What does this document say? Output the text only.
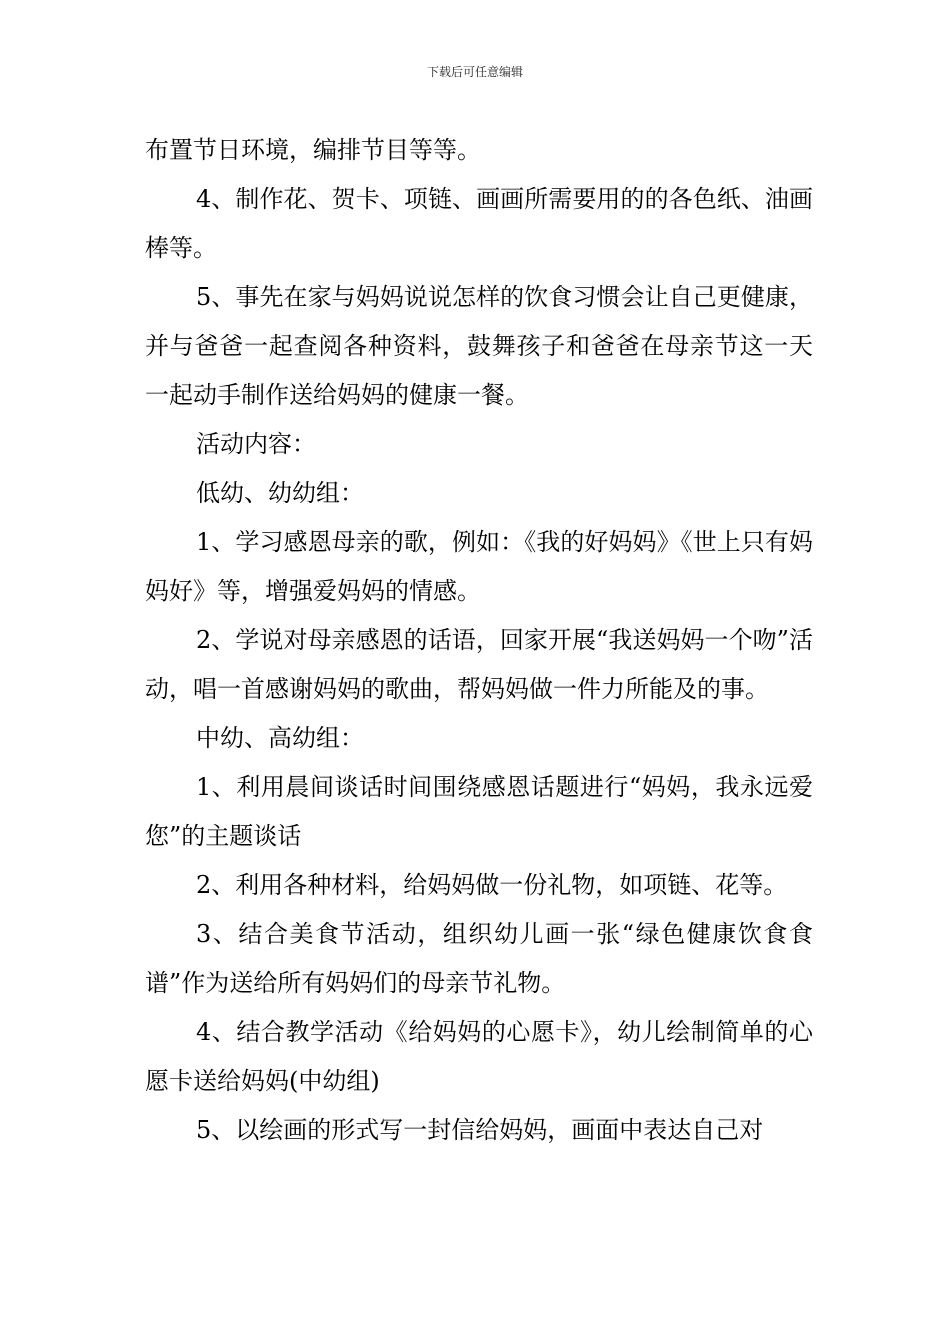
下载后可任意编辑

布置节日环境，编排节目等等。

4、制作花、贺卡、项链、画画所需要用的的各色纸、油画棒等。

5、事先在家与妈妈说说怎样的饮食习惯会让自己更健康，并与爸爸一起查阅各种资料，鼓舞孩子和爸爸在母亲节这一天一起动手制作送给妈妈的健康一餐。

活动内容：

低幼、幼幼组：

1、学习感恩母亲的歌，例如：《我的好妈妈》《世上只有妈妈好》等，增强爱妈妈的情感。

2、学说对母亲感恩的话语，回家开展“我送妈妈一个吻”活动，唱一首感谢妈妈的歌曲，帮妈妈做一件力所能及的事。

中幼、高幼组：

1、利用晨间谈话时间围绕感恩话题进行“妈妈，我永远爱您”的主题谈话

2、利用各种材料，给妈妈做一份礼物，如项链、花等。

3、结合美食节活动，组织幼儿画一张“绿色健康饮食食谱”作为送给所有妈妈们的母亲节礼物。

4、结合教学活动《给妈妈的心愿卡》，幼儿绘制简单的心愿卡送给妈妈(中幼组)

5、以绘画的形式写一封信给妈妈，画面中表达自己对
